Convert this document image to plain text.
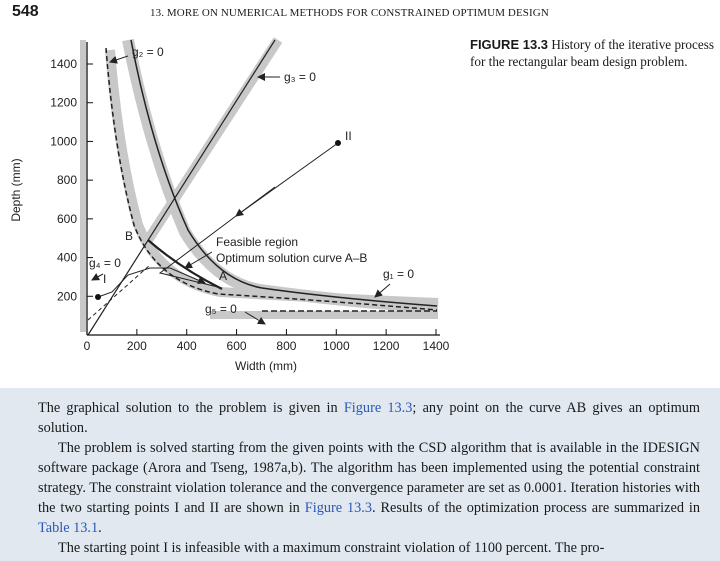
548	13. MORE ON NUMERICAL METHODS FOR CONSTRAINED OPTIMUM DESIGN
200
400
600
800
1000
1200
1400
0	200 400 600 800 1000 1200 1400
g₂ = 0
g₃ = 0
II
B	Feasible region
Optimum solution curve A–B
A	g₁ = 0
g₄ = 0
I
g₅ = 0
Width (mm)
Depth (mm)
FIGURE 13.3 History of the iterative process for the rectangular beam design problem.

The graphical solution to the problem is given in Figure 13.3; any point on the curve AB gives an optimum solution.

The problem is solved starting from the given points with the CSD algorithm that is available in the IDESIGN software package (Arora and Tseng, 1987a,b). The algorithm has been implemented using the potential constraint strategy. The constraint violation tolerance and the convergence parameter are set as 0.0001. Iteration histories with the two starting points I and II are shown in Figure 13.3. Results of the optimization process are summarized in Table 13.1.

The starting point I is infeasible with a maximum constraint violation of 1100 percent. The pro-
